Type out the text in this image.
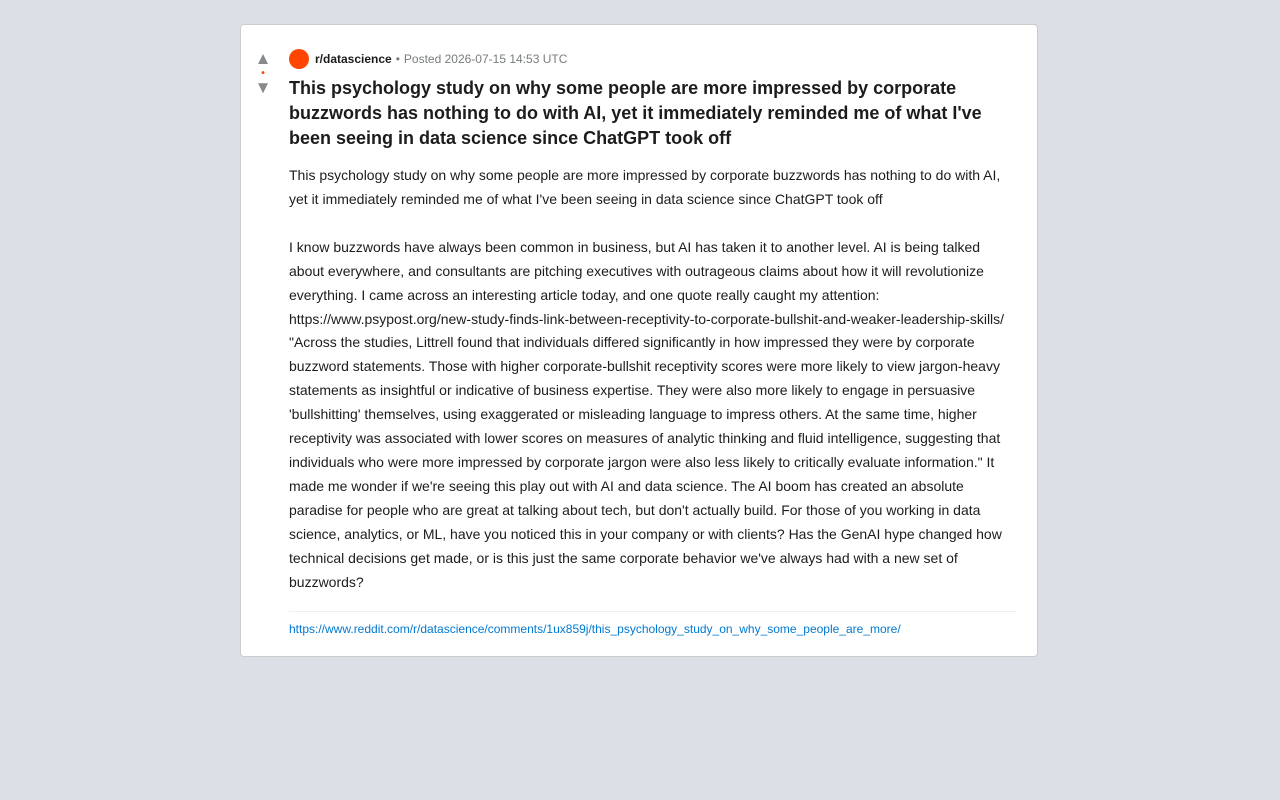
▲
•
▼
r/datascience • Posted 2026-07-15 14:53 UTC
This psychology study on why some people are more impressed by corporate buzzwords has nothing to do with AI, yet it immediately reminded me of what I've been seeing in data science since ChatGPT took off

This psychology study on why some people are more impressed by corporate buzzwords has nothing to do with AI, yet it immediately reminded me of what I've been seeing in data science since ChatGPT took off

I know buzzwords have always been common in business, but AI has taken it to another level. AI is being talked about everywhere, and consultants are pitching executives with outrageous claims about how it will revolutionize everything. I came across an interesting article today, and one quote really caught my attention: https://www.psypost.org/new-study-finds-link-between-receptivity-to-corporate-bullshit-and-weaker-leadership-skills/ "Across the studies, Littrell found that individuals differed significantly in how impressed they were by corporate buzzword statements. Those with higher corporate-bullshit receptivity scores were more likely to view jargon-heavy statements as insightful or indicative of business expertise. They were also more likely to engage in persuasive 'bullshitting' themselves, using exaggerated or misleading language to impress others. At the same time, higher receptivity was associated with lower scores on measures of analytic thinking and fluid intelligence, suggesting that individuals who were more impressed by corporate jargon were also less likely to critically evaluate information." It made me wonder if we're seeing this play out with AI and data science. The AI boom has created an absolute paradise for people who are great at talking about tech, but don't actually build. For those of you working in data science, analytics, or ML, have you noticed this in your company or with clients? Has the GenAI hype changed how technical decisions get made, or is this just the same corporate behavior we've always had with a new set of buzzwords?

https://www.reddit.com/r/datascience/comments/1ux859j/this_psychology_study_on_why_some_people_are_more/
